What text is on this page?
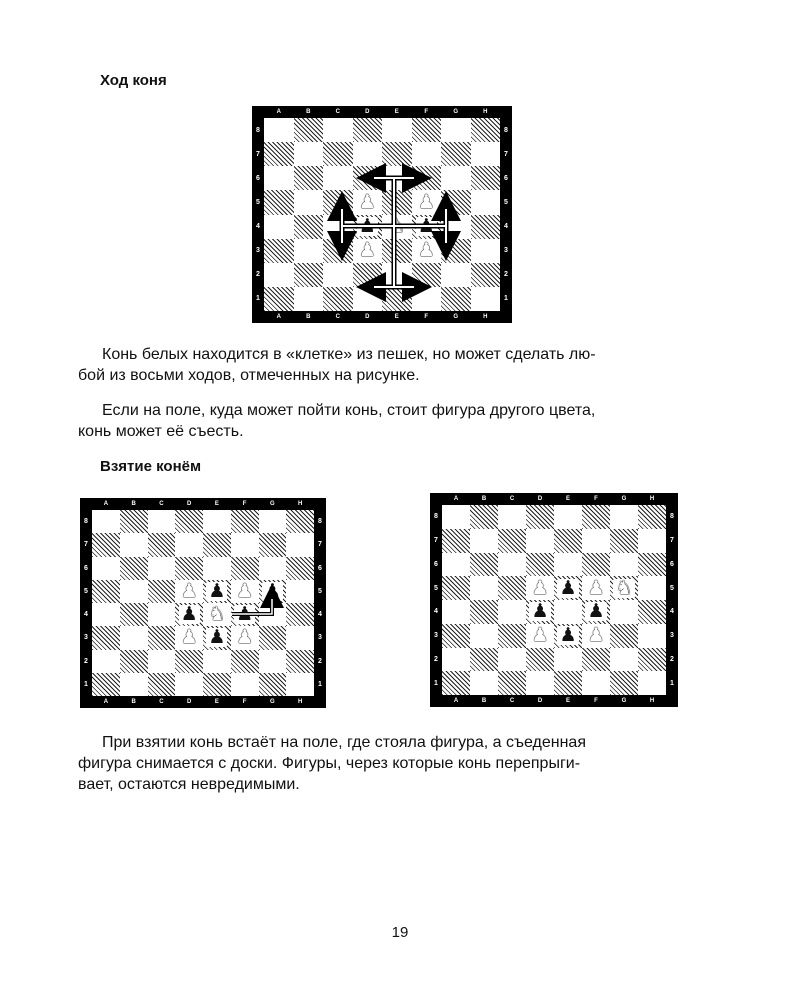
Ход коня
♟ ♟
♟ ♞ ♟
♟ ♟
A	B	C	D	E	F	G	H
A	B	C	D	E	F	G	H
8
7
6
5
4
3
2
1
8
7
6
5
4
3
2
1

Конь белых находится в «клетке» из пешек, но может сделать лю-
бой из восьми ходов, отмеченных на рисунке.

Если на поле, куда может пойти конь, стоит фигура другого цвета,
конь может её съесть.

Взятие конём
♟ ♟ ♟ ♟
♟ ♞ ♟
♟ ♟ ♟
A	B	C	D	E	F	G	H
A	B	C	D	E	F	G	H
8
7
6
5
4
3
2
1
8
7
6
5
4
3
2
1
A	B	C	D	E	F	G	H
A	B	C	D	E	F	G	H
8
7
6
5
4
3
2
1
8
7
6
5
4
3
2
1
♟ ♟ ♟ ♞
♟ ♟
♟ ♟ ♟

При взятии конь встаёт на поле, где стояла фигура, а съеденная
фигура снимается с доски. Фигуры, через которые конь перепрыги-
вает, остаются невредимыми.

19
